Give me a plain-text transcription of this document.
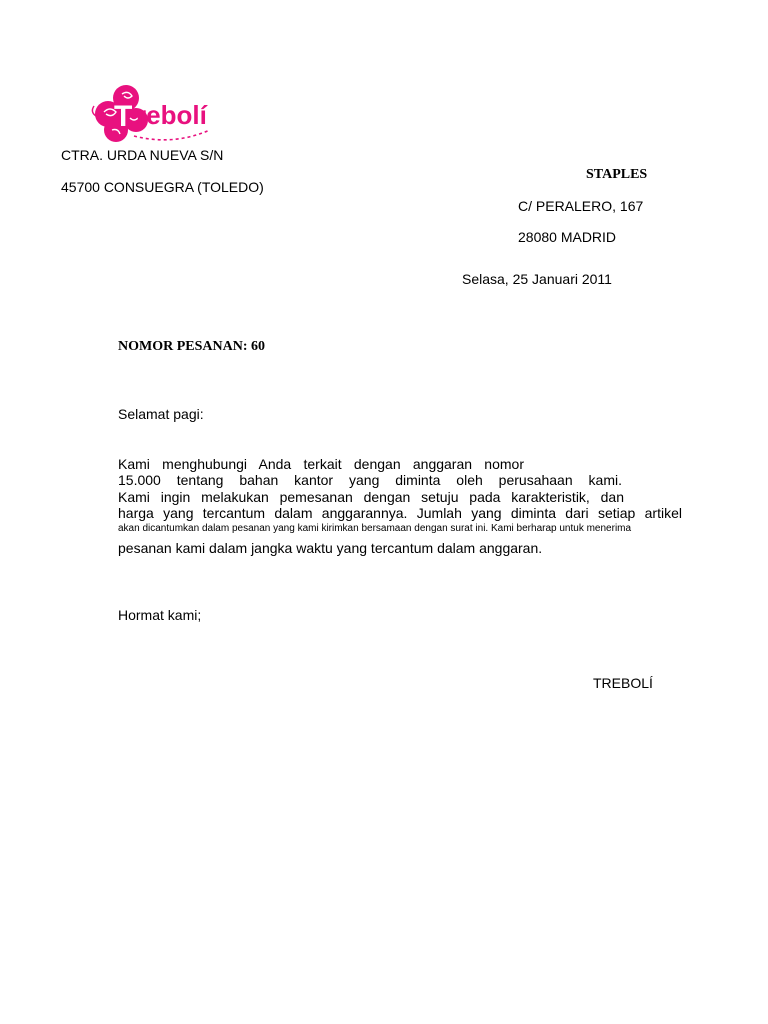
T rebolí

CTRA. URDA NUEVA S/N

45700 CONSUEGRA (TOLEDO)

STAPLES

C/ PERALERO, 167

28080 MADRID

Selasa, 25 Januari 2011

NOMOR PESANAN: 60

Selamat pagi:

Kami menghubungi Anda terkait dengan anggaran nomor

15.000 tentang bahan kantor yang diminta oleh perusahaan kami.

Kami ingin melakukan pemesanan dengan setuju pada karakteristik, dan

harga yang tercantum dalam anggarannya. Jumlah yang diminta dari setiap artikel

akan dicantumkan dalam pesanan yang kami kirimkan bersamaan dengan surat ini. Kami berharap untuk menerima

pesanan kami dalam jangka waktu yang tercantum dalam anggaran.

Hormat kami;

TREBOLÍ
